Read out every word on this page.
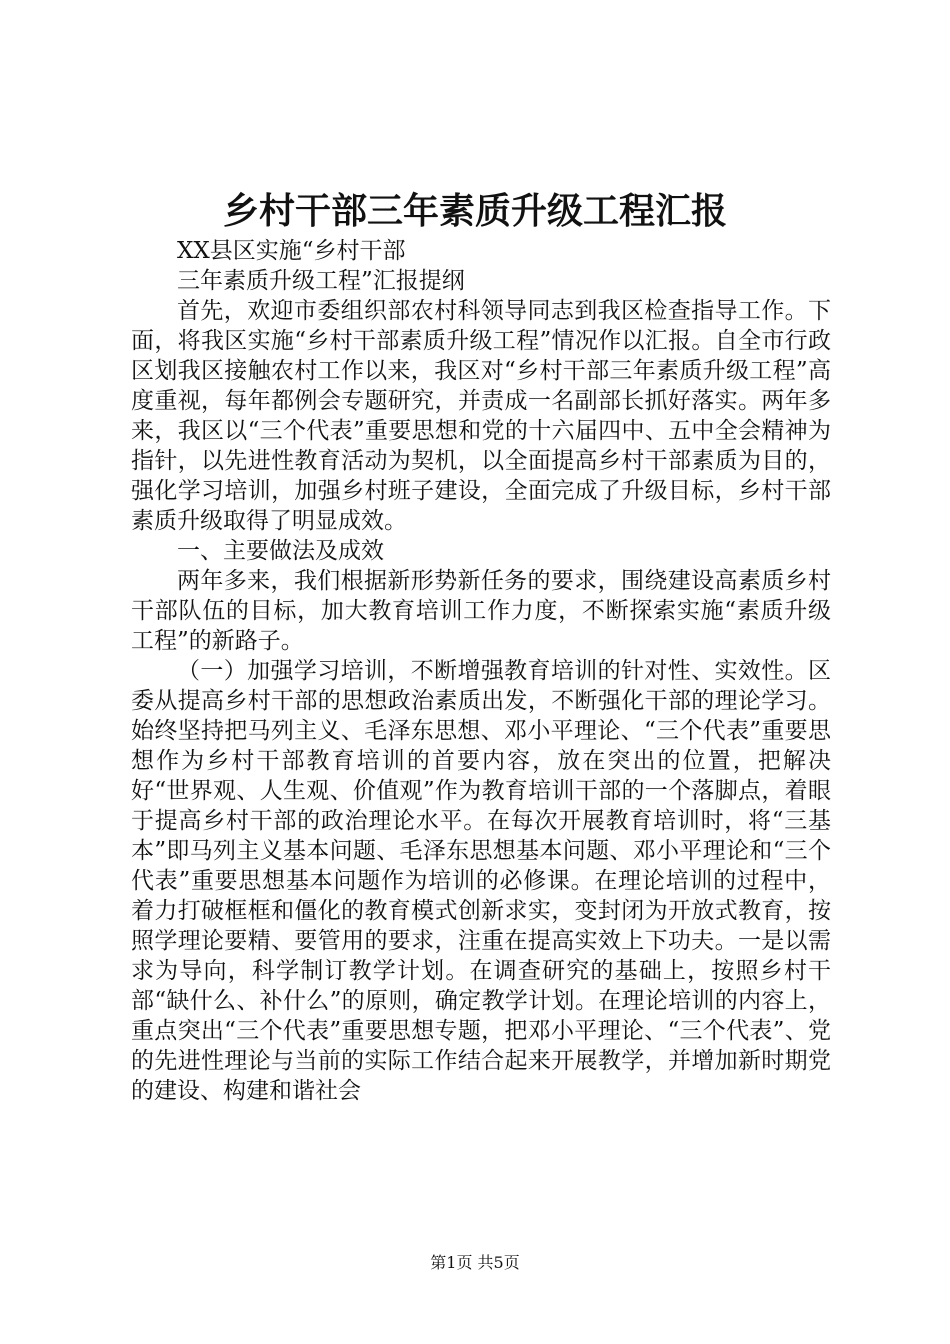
乡村干部三年素质升级工程汇报

XX县区实施“乡村干部

三年素质升级工程”汇报提纲

首先，欢迎市委组织部农村科领导同志到我区检查指导工作。下面，将我区实施“乡村干部素质升级工程”情况作以汇报。自全市行政区划我区接触农村工作以来，我区对“乡村干部三年素质升级工程”高度重视，每年都例会专题研究，并责成一名副部长抓好落实。两年多来，我区以“三个代表”重要思想和党的十六届四中、五中全会精神为指针，以先进性教育活动为契机，以全面提高乡村干部素质为目的，强化学习培训，加强乡村班子建设，全面完成了升级目标，乡村干部素质升级取得了明显成效。

一、主要做法及成效

两年多来，我们根据新形势新任务的要求，围绕建设高素质乡村干部队伍的目标，加大教育培训工作力度，不断探索实施“素质升级工程”的新路子。

（一）加强学习培训，不断增强教育培训的针对性、实效性。区委从提高乡村干部的思想政治素质出发，不断强化干部的理论学习。始终坚持把马列主义、毛泽东思想、邓小平理论、“三个代表”重要思想作为乡村干部教育培训的首要内容，放在突出的位置，把解决好“世界观、人生观、价值观”作为教育培训干部的一个落脚点，着眼于提高乡村干部的政治理论水平。在每次开展教育培训时，将“三基本”即马列主义基本问题、毛泽东思想基本问题、邓小平理论和“三个代表”重要思想基本问题作为培训的必修课。在理论培训的过程中，着力打破框框和僵化的教育模式创新求实，变封闭为开放式教育，按照学理论要精、要管用的要求，注重在提高实效上下功夫。一是以需求为导向，科学制订教学计划。在调查研究的基础上，按照乡村干部“缺什么、补什么”的原则，确定教学计划。在理论培训的内容上，重点突出“三个代表”重要思想专题，把邓小平理论、“三个代表”、党的先进性理论与当前的实际工作结合起来开展教学，并增加新时期党的建设、构建和谐社会

第1页 共5页
